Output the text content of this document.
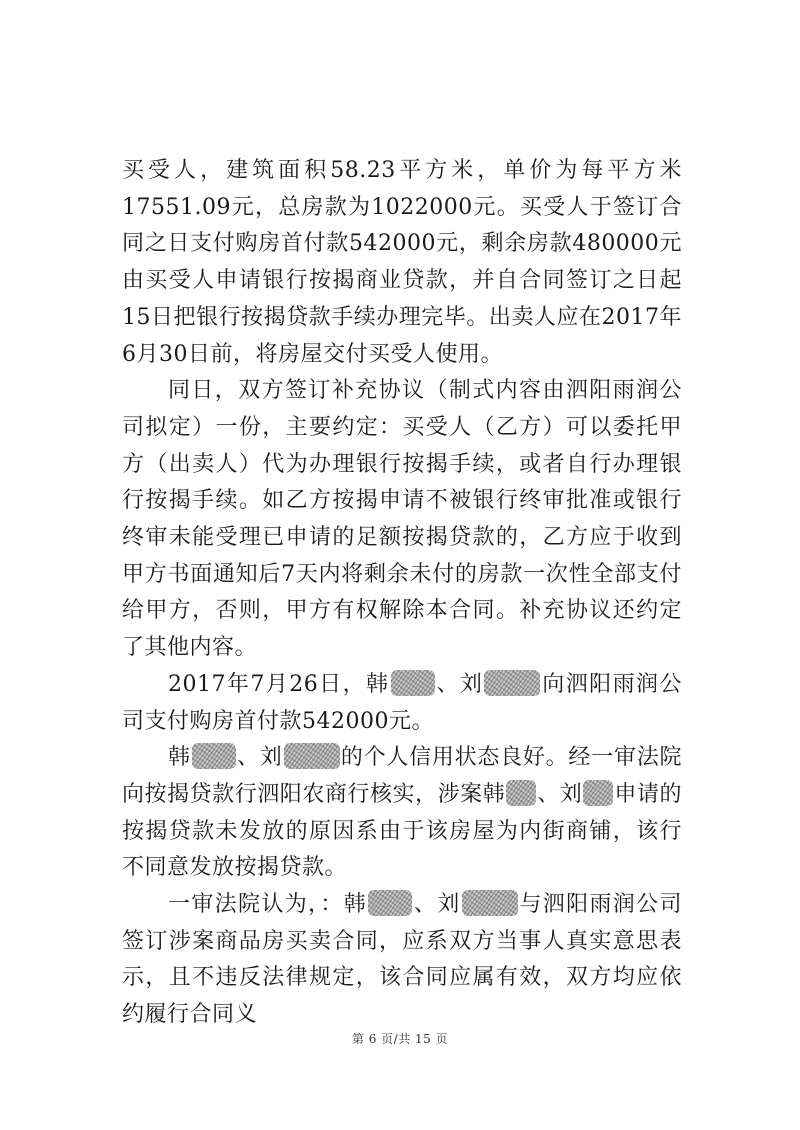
买受人，建筑面积58.23平方米，单价为每平方米17551.09元，总房款为1022000元。买受人于签订合同之日支付购房首付款542000元，剩余房款480000元由买受人申请银行按揭商业贷款，并自合同签订之日起15日把银行按揭贷款手续办理完毕。出卖人应在2017年6月30日前，将房屋交付买受人使用。

同日，双方签订补充协议（制式内容由泗阳雨润公司拟定）一份，主要约定：买受人（乙方）可以委托甲方（出卖人）代为办理银行按揭手续，或者自行办理银行按揭手续。如乙方按揭申请不被银行终审批准或银行终审未能受理已申请的足额按揭贷款的，乙方应于收到甲方书面通知后7天内将剩余未付的房款一次性全部支付给甲方，否则，甲方有权解除本合同。补充协议还约定了其他内容。

2017年7月26日，韩 、刘	向泗阳雨润公司支付购房首付款542000元。

韩 、刘	的个人信用状态良好。经一审法院向按揭贷款行泗阳农商行核实，涉案韩 、刘 申请的按揭贷款未发放的原因系由于该房屋为内街商铺，该行不同意发放按揭贷款。

一审法院认为，：韩 、刘	与泗阳雨润公司签订涉案商品房买卖合同，应系双方当事人真实意思表示，且不违反法律规定，该合同应属有效，双方均应依约履行合同义

第 6 页/共 15 页
